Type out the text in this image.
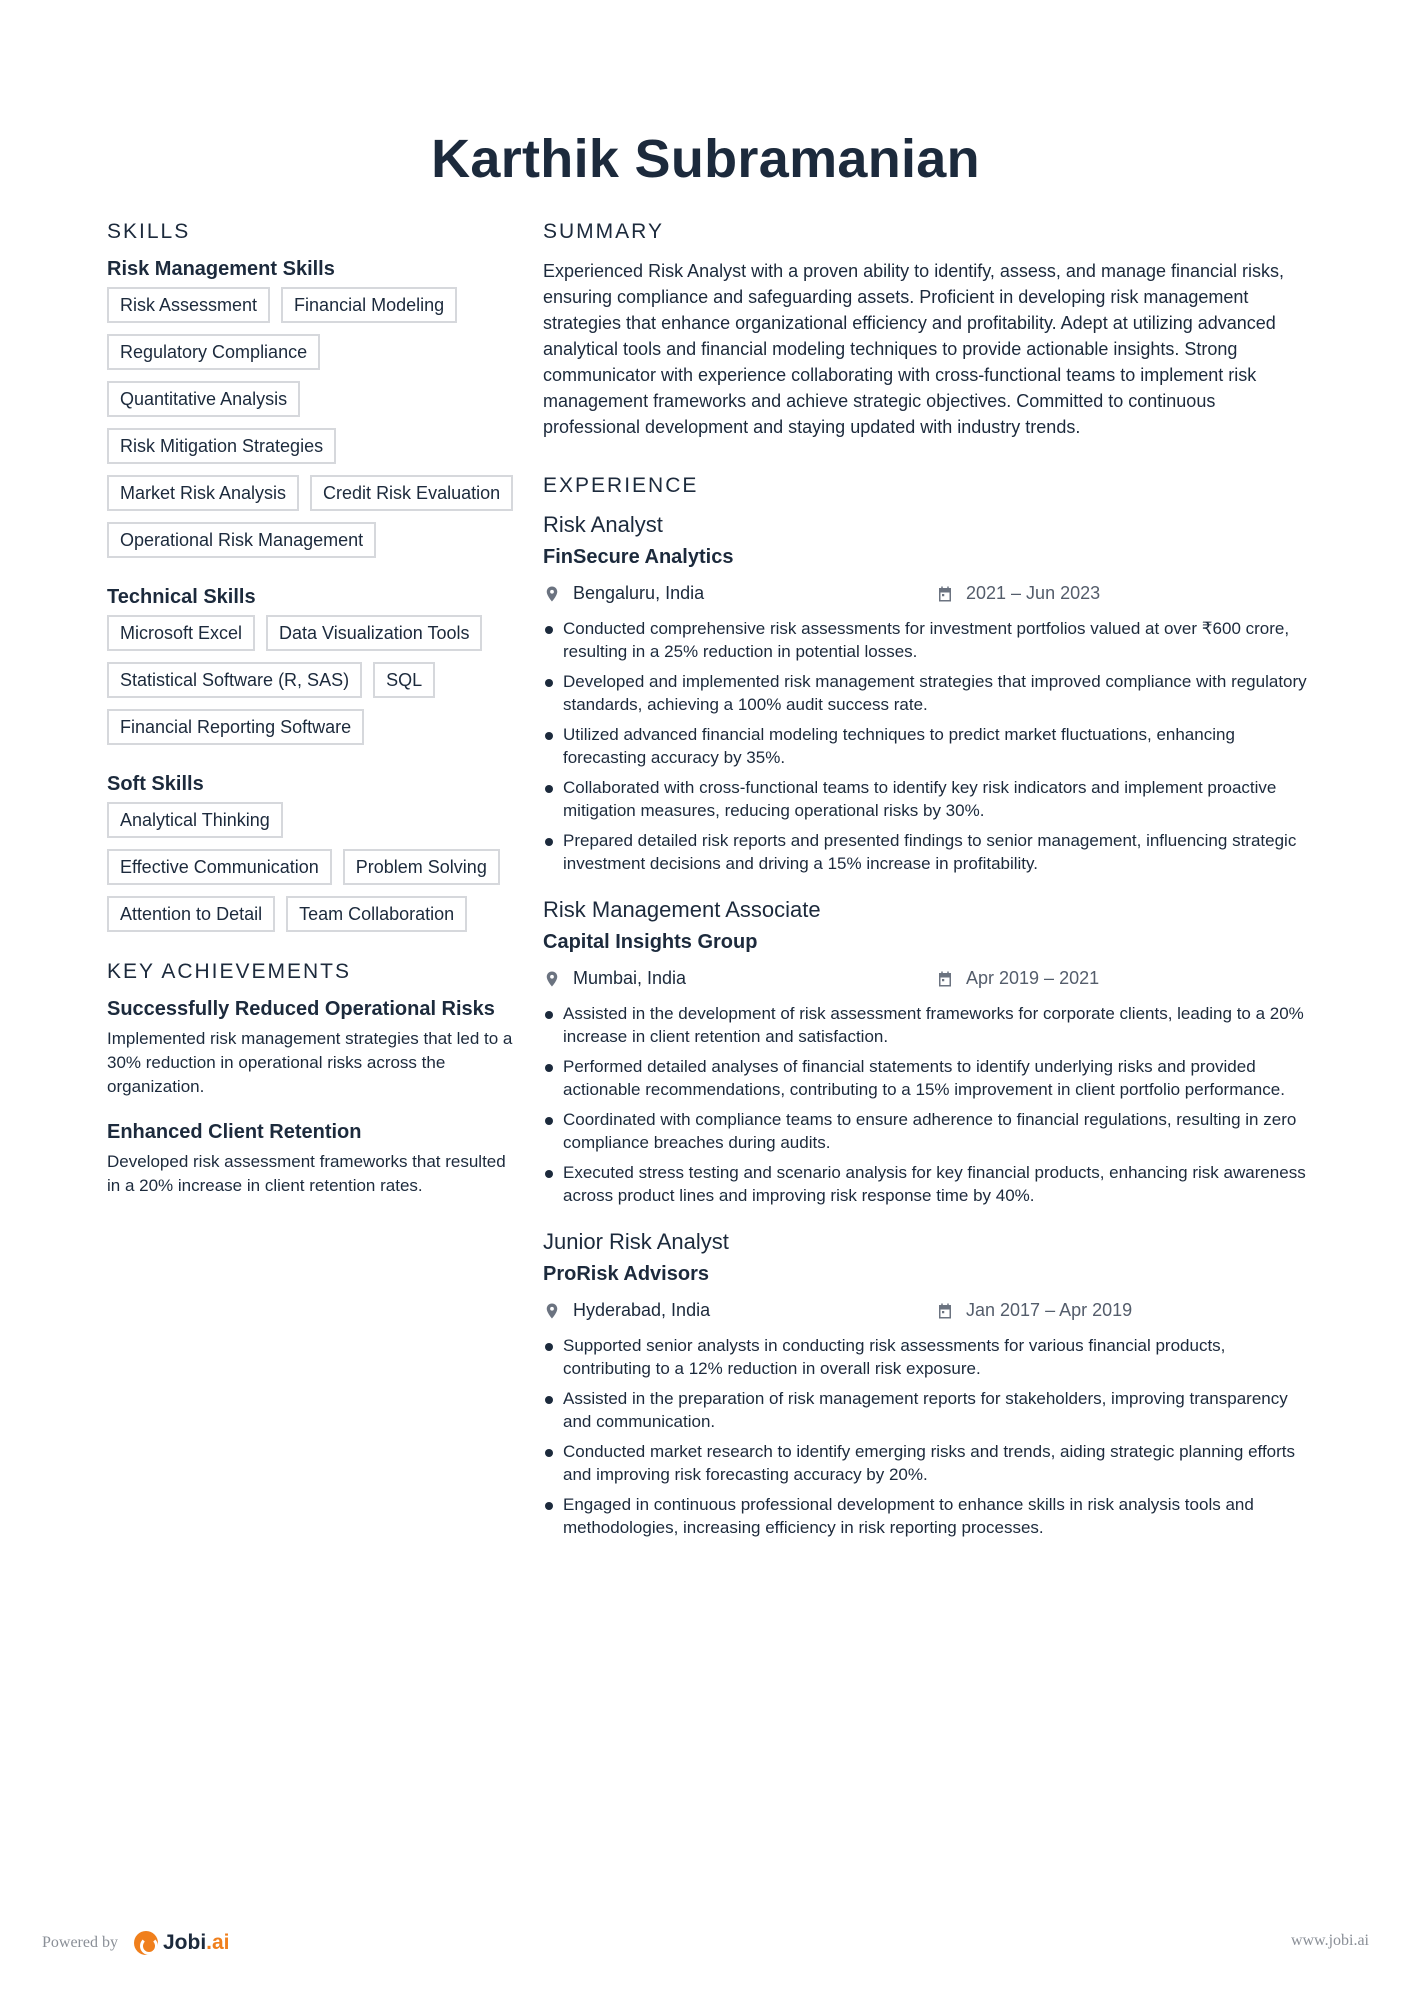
Karthik Subramanian
SKILLS
Risk Management Skills
Risk Assessment	Financial Modeling
Regulatory Compliance
Quantitative Analysis
Risk Mitigation Strategies
Market Risk Analysis	Credit Risk Evaluation
Operational Risk Management
Technical Skills
Microsoft Excel	Data Visualization Tools
Statistical Software (R, SAS)	SQL
Financial Reporting Software
Soft Skills
Analytical Thinking
Effective Communication	Problem Solving
Attention to Detail	Team Collaboration
KEY ACHIEVEMENTS
Successfully Reduced Operational Risks
Implemented risk management strategies that led to a 30% reduction in operational risks across the organization.
Enhanced Client Retention
Developed risk assessment frameworks that resulted in a 20% increase in client retention rates.
SUMMARY
Experienced Risk Analyst with a proven ability to identify, assess, and manage financial risks, ensuring compliance and safeguarding assets. Proficient in developing risk management strategies that enhance organizational efficiency and profitability. Adept at utilizing advanced analytical tools and financial modeling techniques to provide actionable insights. Strong communicator with experience collaborating with cross-functional teams to implement risk management frameworks and achieve strategic objectives. Committed to continuous professional development and staying updated with industry trends.
EXPERIENCE
Risk Analyst
FinSecure Analytics
Bengaluru, India	2021 – Jun 2023
Conducted comprehensive risk assessments for investment portfolios valued at over ₹600 crore, resulting in a 25% reduction in potential losses.
Developed and implemented risk management strategies that improved compliance with regulatory standards, achieving a 100% audit success rate.
Utilized advanced financial modeling techniques to predict market fluctuations, enhancing forecasting accuracy by 35%.
Collaborated with cross-functional teams to identify key risk indicators and implement proactive mitigation measures, reducing operational risks by 30%.
Prepared detailed risk reports and presented findings to senior management, influencing strategic investment decisions and driving a 15% increase in profitability.
Risk Management Associate
Capital Insights Group
Mumbai, India	Apr 2019 – 2021
Assisted in the development of risk assessment frameworks for corporate clients, leading to a 20% increase in client retention and satisfaction.
Performed detailed analyses of financial statements to identify underlying risks and provided actionable recommendations, contributing to a 15% improvement in client portfolio performance.
Coordinated with compliance teams to ensure adherence to financial regulations, resulting in zero compliance breaches during audits.
Executed stress testing and scenario analysis for key financial products, enhancing risk awareness across product lines and improving risk response time by 40%.
Junior Risk Analyst
ProRisk Advisors
Hyderabad, India	Jan 2017 – Apr 2019
Supported senior analysts in conducting risk assessments for various financial products, contributing to a 12% reduction in overall risk exposure.
Assisted in the preparation of risk management reports for stakeholders, improving transparency and communication.
Conducted market research to identify emerging risks and trends, aiding strategic planning efforts and improving risk forecasting accuracy by 20%.
Engaged in continuous professional development to enhance skills in risk analysis tools and methodologies, increasing efficiency in risk reporting processes.
Powered by Jobi.ai	www.jobi.ai
